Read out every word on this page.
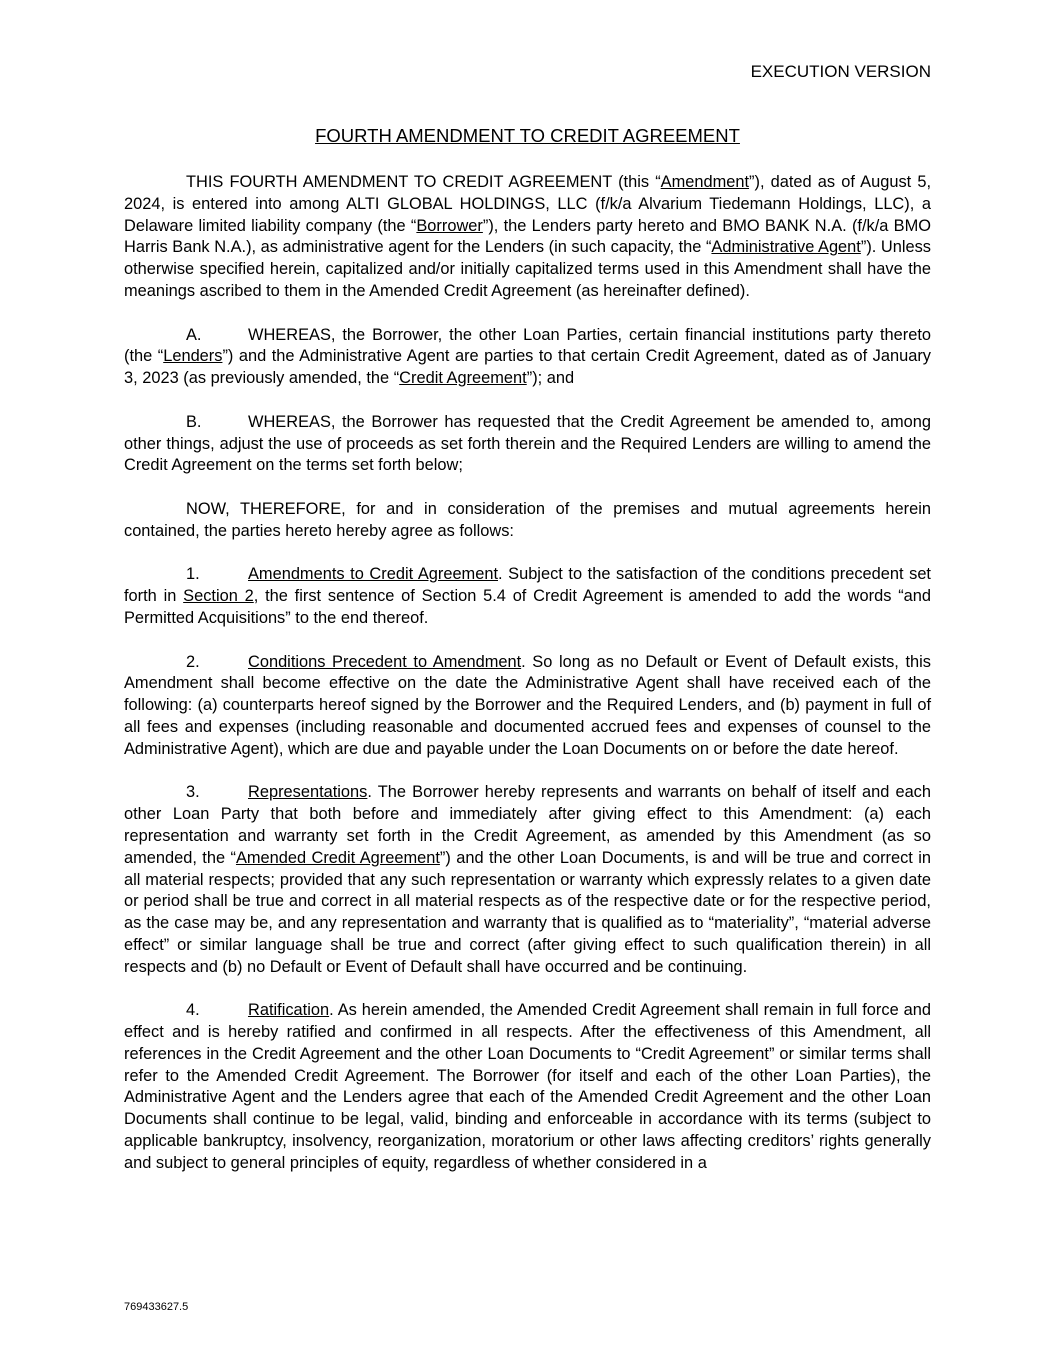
EXECUTION VERSION
FOURTH AMENDMENT TO CREDIT AGREEMENT

THIS FOURTH AMENDMENT TO CREDIT AGREEMENT (this “Amendment”), dated as of August 5, 2024, is entered into among ALTI GLOBAL HOLDINGS, LLC (f/k/a Alvarium Tiedemann Holdings, LLC), a Delaware limited liability company (the “Borrower”), the Lenders party hereto and BMO BANK N.A. (f/k/a BMO Harris Bank N.A.), as administrative agent for the Lenders (in such capacity, the “Administrative Agent”). Unless otherwise specified herein, capitalized and/or initially capitalized terms used in this Amendment shall have the meanings ascribed to them in the Amended Credit Agreement (as hereinafter defined).

A.	WHEREAS, the Borrower, the other Loan Parties, certain financial institutions party thereto (the “Lenders”) and the Administrative Agent are parties to that certain Credit Agreement, dated as of January 3, 2023 (as previously amended, the “Credit Agreement”); and

B.	WHEREAS, the Borrower has requested that the Credit Agreement be amended to, among other things, adjust the use of proceeds as set forth therein and the Required Lenders are willing to amend the Credit Agreement on the terms set forth below;

NOW, THEREFORE, for and in consideration of the premises and mutual agreements herein contained, the parties hereto hereby agree as follows:

1.	Amendments to Credit Agreement. Subject to the satisfaction of the conditions precedent set forth in Section 2, the first sentence of Section 5.4 of Credit Agreement is amended to add the words “and Permitted Acquisitions” to the end thereof.

2.	Conditions Precedent to Amendment. So long as no Default or Event of Default exists, this Amendment shall become effective on the date the Administrative Agent shall have received each of the following: (a) counterparts hereof signed by the Borrower and the Required Lenders, and (b) payment in full of all fees and expenses (including reasonable and documented accrued fees and expenses of counsel to the Administrative Agent), which are due and payable under the Loan Documents on or before the date hereof.

3.	Representations. The Borrower hereby represents and warrants on behalf of itself and each other Loan Party that both before and immediately after giving effect to this Amendment: (a) each representation and warranty set forth in the Credit Agreement, as amended by this Amendment (as so amended, the “Amended Credit Agreement”) and the other Loan Documents, is and will be true and correct in all material respects; provided that any such representation or warranty which expressly relates to a given date or period shall be true and correct in all material respects as of the respective date or for the respective period, as the case may be, and any representation and warranty that is qualified as to “materiality”, “material adverse effect” or similar language shall be true and correct (after giving effect to such qualification therein) in all respects and (b) no Default or Event of Default shall have occurred and be continuing.

4.	Ratification. As herein amended, the Amended Credit Agreement shall remain in full force and effect and is hereby ratified and confirmed in all respects. After the effectiveness of this Amendment, all references in the Credit Agreement and the other Loan Documents to “Credit Agreement” or similar terms shall refer to the Amended Credit Agreement. The Borrower (for itself and each of the other Loan Parties), the Administrative Agent and the Lenders agree that each of the Amended Credit Agreement and the other Loan Documents shall continue to be legal, valid, binding and enforceable in accordance with its terms (subject to applicable bankruptcy, insolvency, reorganization, moratorium or other laws affecting creditors’ rights generally and subject to general principles of equity, regardless of whether considered in a

769433627.5
